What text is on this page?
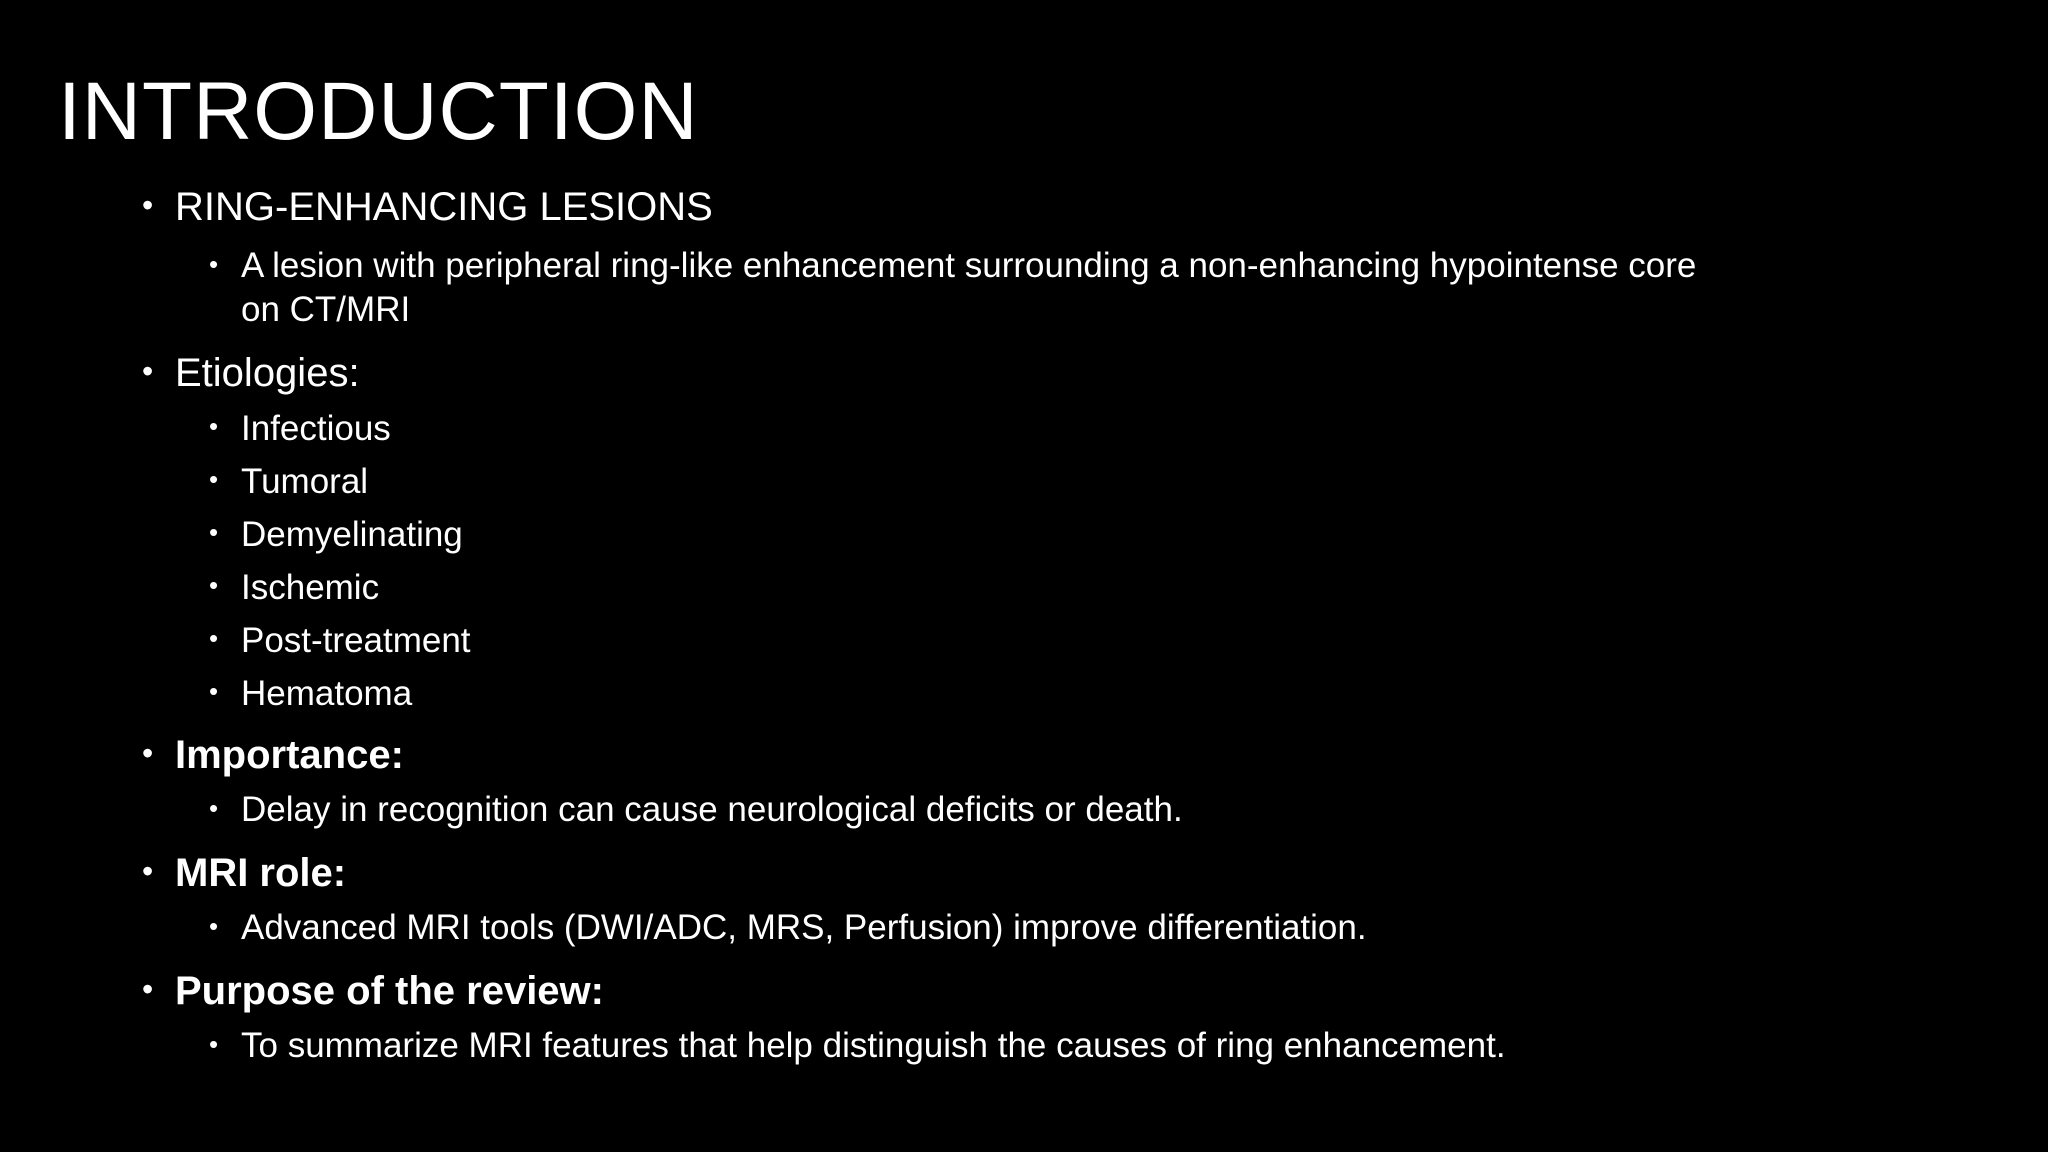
INTRODUCTION
• RING-ENHANCING LESIONS
• A lesion with peripheral ring-like enhancement surrounding a non-enhancing hypointense core on CT/MRI
• Etiologies:
• Infectious
• Tumoral
• Demyelinating
• Ischemic
• Post-treatment
• Hematoma
• Importance:
• Delay in recognition can cause neurological deficits or death.
• MRI role:
• Advanced MRI tools (DWI/ADC, MRS, Perfusion) improve differentiation.
• Purpose of the review:
• To summarize MRI features that help distinguish the causes of ring enhancement.
